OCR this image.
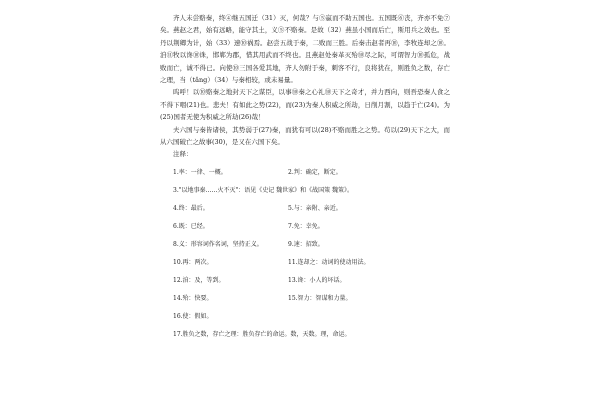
齐人未尝赂秦，终④继五国迁（31）灭，何哉？与⑤嬴而不助五国也。五国既⑥丧，齐亦不免⑦矣。燕赵之君，始有远略，能守其土，义⑤不赂秦。是故（32）燕虽小国而后亡，斯用兵之效也。至丹以荆卿为计，始（33）速⑩祸焉。赵尝五战于秦，二败而三胜。后秦击赵者再⑩，李牧连却之⑩。洎⑪牧以谗⑩诛，邯郸为郡，惜其用武而不终也。且燕赵处秦革灭殆⑩尽之际，可谓智力⑩孤危，战败而亡，诚不得已。向使⑩三国各爱其地，齐人勿附于秦，刺客不行，良将犹在，则胜负之数，存亡之理，当（tǎng）（34）与秦相较，或未易量。

呜呼！以⑩赂秦之地封天下之谋臣，以事⑩秦之心礼⑩天下之奇才，并力西向，则吾恐秦人食之不得下咽(21)也。悲夫！有如此之势(22)，而(23)为秦人积威之所劫，日削月割，以趋于亡(24)。为(25)国者无使为积威之所劫(26)哉！

夫六国与秦皆诸侯，其势弱于(27)秦，而犹有可以(28)不赂而胜之之势。苟以(29)天下之大，而从六国破亡之故事(30)，是又在六国下矣。

注释：
1.率：一律、一概。	2.判：确定，断定。
3."以地事秦……火不灭"：语见《史记 魏世家》和《战国策 魏策》。
4.终：最后。	5.与：亲附、亲近。
6.既：已经。	7.免：幸免。
8.义：形容词作名词，坚持正义。	9.速：招致。
10.再：两次。	11.连却之：动词的使动用法。
12.洎：及，等到。	13.谗：小人的坏话。
14.殆：快要。	15.智力：智谋和力量。
16.使：假如。
17.胜负之数，存亡之理：胜负存亡的命运。数，天数。理，命运。
